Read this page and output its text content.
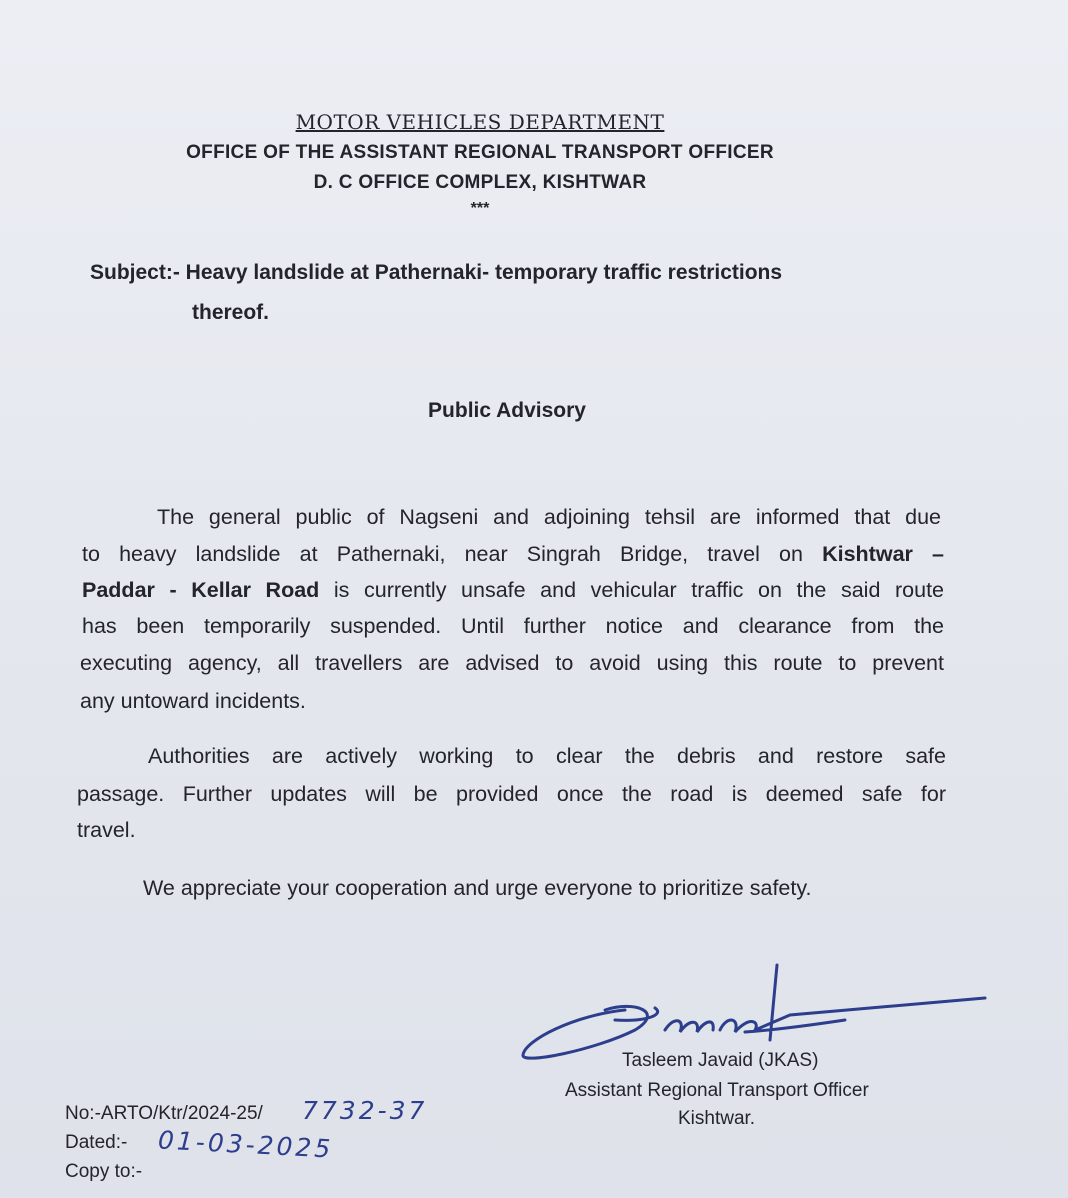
MOTOR VEHICLES DEPARTMENT
OFFICE OF THE ASSISTANT REGIONAL TRANSPORT OFFICER
D. C OFFICE COMPLEX, KISHTWAR
***
Subject:- Heavy landslide at Pathernaki- temporary traffic restrictions
thereof.
Public Advisory
The general public of Nagseni and adjoining tehsil are informed that due
to heavy landslide at Pathernaki, near Singrah Bridge, travel on Kishtwar –
Paddar - Kellar Road is currently unsafe and vehicular traffic on the said route
has been temporarily suspended. Until further notice and clearance from the
executing agency, all travellers are advised to avoid using this route to prevent
any untoward incidents.
Authorities are actively working to clear the debris and restore safe
passage. Further updates will be provided once the road is deemed safe for
travel.
We appreciate your cooperation and urge everyone to prioritize safety.
Tasleem Javaid (JKAS)
Assistant Regional Transport Officer
Kishtwar.
No:-ARTO/Ktr/2024-25/ 7732-37
Dated:- 01-03-2025
Copy to:-
